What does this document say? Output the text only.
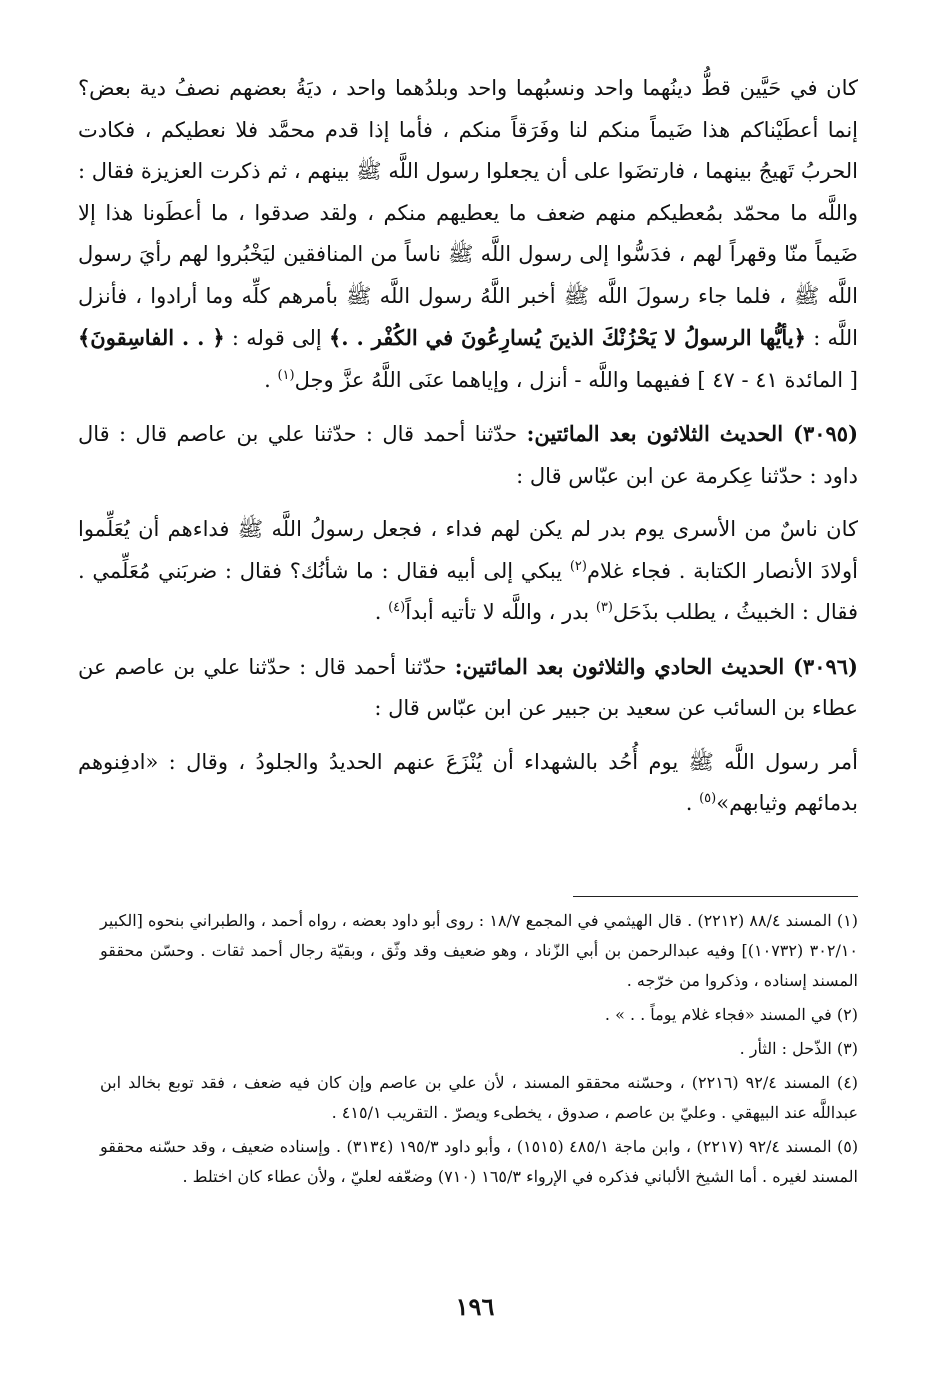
كان في حَيَّين قطُّ دينُهما واحد ونسبُهما واحد وبلدُهما واحد ، ديَةُ بعضهم نصفُ دية بعض؟ إنما أعطَيْناكم هذا ضَيماً منكم لنا وفَرَقاً منكم ، فأما إذا قدم محمَّد فلا نعطيكم ، فكادت الحربُ تَهيجُ بينهما ، فارتضَوا على أن يجعلوا رسول اللَّه ﷺ بينهم ، ثم ذكرت العزيزة فقال : واللَّه ما محمّد بمُعطيكم منهم ضعف ما يعطيهم منكم ، ولقد صدقوا ، ما أعطَونا هذا إلا ضَيماً منّا وقهراً لهم ، فدَسُّوا إلى رسول اللَّه ﷺ ناساً من المنافقين ليَخْبُروا لهم رأيَ رسول اللَّه ﷺ ، فلما جاء رسولَ اللَّه ﷺ أخبر اللَّهُ رسول اللَّه ﷺ بأمرهم كلِّه وما أرادوا ، فأنزل اللَّه : ﴿يأيُّها الرسولُ لا يَحْزُنْكَ الذينَ يُسارِعُونَ في الكُفْر . .﴾ إلى قوله : ﴿ . . الفاسِقونَ﴾ [ المائدة ٤١ - ٤٧ ] ففيهما واللَّه - أنزل ، وإياهما عنَى اللَّهُ عزَّ وجل$^{(١)}$ .

(٣٠٩٥) الحديث الثلاثون بعد المائتين: حدّثنا أحمد قال : حدّثنا علي بن عاصم قال : قال داود : حدّثنا عِكرمة عن ابن عبّاس قال :

كان ناسٌ من الأسرى يوم بدر لم يكن لهم فداء ، فجعل رسولُ اللَّه ﷺ فداءهم أن يُعَلِّموا أولادَ الأنصار الكتابة . فجاء غلام$^{(٢)}$ يبكي إلى أبيه فقال : ما شأنُك؟ فقال : ضربَني مُعَلِّمي . فقال : الخبيثُ ، يطلب بذَحَل$^{(٣)}$ بدر ، واللَّه لا تأتيه أبداً$^{(٤)}$ .

(٣٠٩٦) الحديث الحادي والثلاثون بعد المائتين: حدّثنا أحمد قال : حدّثنا علي بن عاصم عن عطاء بن السائب عن سعيد بن جبير عن ابن عبّاس قال :

أمر رسول اللَّه ﷺ يوم أُحُد بالشهداء أن يُنْزَعَ عنهم الحديدُ والجلودُ ، وقال : «ادفِنوهم بدمائهم وثيابهم»$^{(٥)}$ .

(١) المسند ٨٨/٤ (٢٢١٢) . قال الهيثمي في المجمع ١٨/٧ : روى أبو داود بعضه ، رواه أحمد ، والطبراني بنحوه [الكبير ٣٠٢/١٠ (١٠٧٣٢)] وفيه عبدالرحمن بن أبي الزّناد ، وهو ضعيف وقد وثّق ، وبقيّة رجال أحمد ثقات . وحسّن محققو المسند إسناده ، وذكروا من خرّجه .

(٢) في المسند «فجاء غلام يوماً . . » .

(٣) الذّحل : الثأر .

(٤) المسند ٩٢/٤ (٢٢١٦) ، وحسّنه محققو المسند ، لأن علي بن عاصم وإن كان فيه ضعف ، فقد توبع بخالد ابن عبداللَّه عند البيهقي . وعليّ بن عاصم ، صدوق ، يخطىء ويصرّ . التقريب ٤١٥/١ .

(٥) المسند ٩٢/٤ (٢٢١٧) ، وابن ماجة ٤٨٥/١ (١٥١٥) ، وأبو داود ١٩٥/٣ (٣١٣٤) . وإسناده ضعيف ، وقد حسّنه محققو المسند لغيره . أما الشيخ الألباني فذكره في الإرواء ١٦٥/٣ (٧١٠) وضعّفه لعليّ ، ولأن عطاء كان اختلط .

١٩٦
